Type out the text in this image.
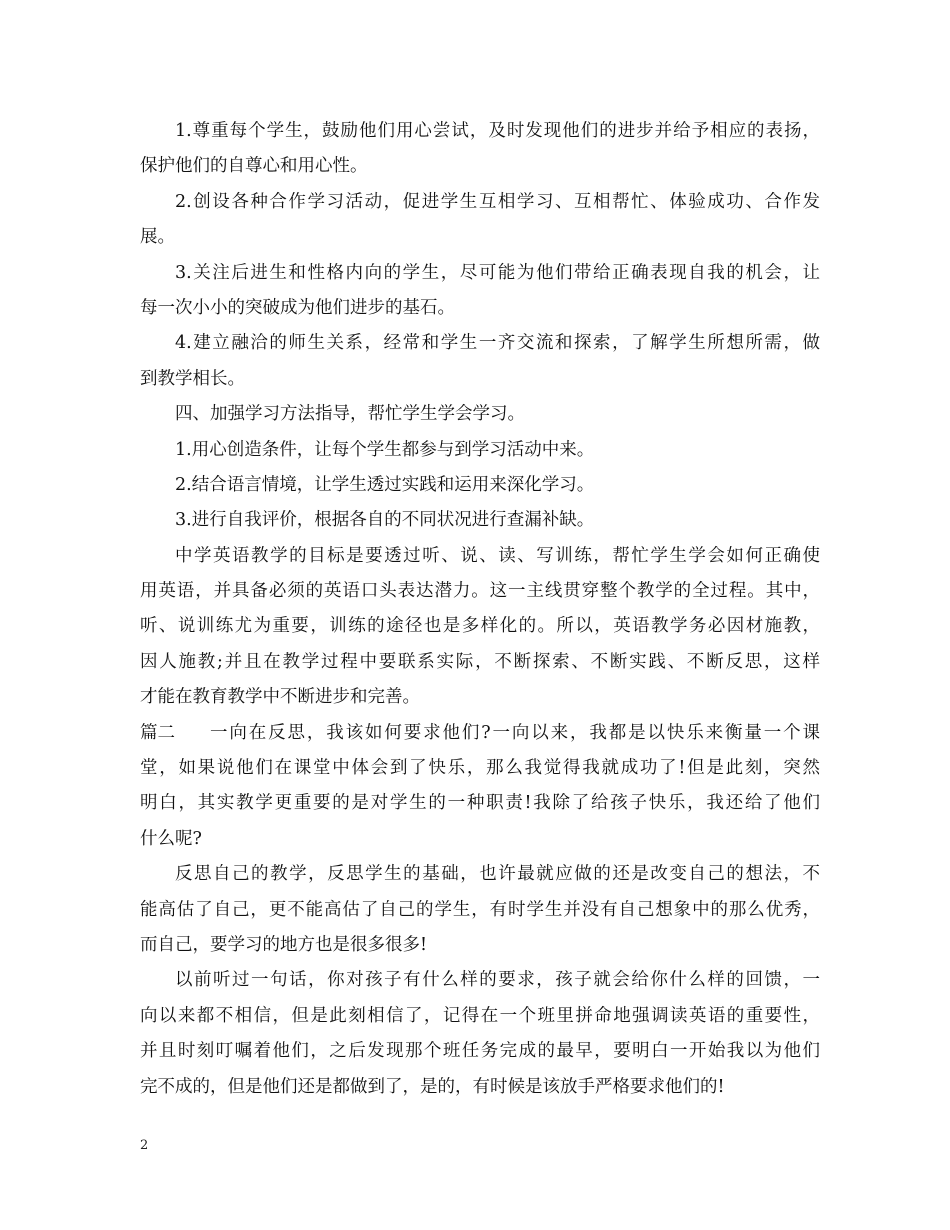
1.尊重每个学生，鼓励他们用心尝试，及时发现他们的进步并给予相应的表扬，
保护他们的自尊心和用心性。
2.创设各种合作学习活动，促进学生互相学习、互相帮忙、体验成功、合作发
展。
3.关注后进生和性格内向的学生，尽可能为他们带给正确表现自我的机会，让
每一次小小的突破成为他们进步的基石。
4.建立融洽的师生关系，经常和学生一齐交流和探索，了解学生所想所需，做
到教学相长。
四、加强学习方法指导，帮忙学生学会学习。
1.用心创造条件，让每个学生都参与到学习活动中来。
2.结合语言情境，让学生透过实践和运用来深化学习。
3.进行自我评价，根据各自的不同状况进行查漏补缺。
中学英语教学的目标是要透过听、说、读、写训练，帮忙学生学会如何正确使
用英语，并具备必须的英语口头表达潜力。这一主线贯穿整个教学的全过程。其中，
听、说训练尤为重要，训练的途径也是多样化的。所以，英语教学务必因材施教，
因人施教;并且在教学过程中要联系实际，不断探索、不断实践、不断反思，这样
才能在教育教学中不断进步和完善。
篇二	一向在反思，我该如何要求他们?一向以来，我都是以快乐来衡量一个课
堂，如果说他们在课堂中体会到了快乐，那么我觉得我就成功了!但是此刻，突然
明白，其实教学更重要的是对学生的一种职责!我除了给孩子快乐，我还给了他们
什么呢?
反思自己的教学，反思学生的基础，也许最就应做的还是改变自己的想法，不
能高估了自己，更不能高估了自己的学生，有时学生并没有自己想象中的那么优秀，
而自己，要学习的地方也是很多很多!
以前听过一句话，你对孩子有什么样的要求，孩子就会给你什么样的回馈，一
向以来都不相信，但是此刻相信了，记得在一个班里拼命地强调读英语的重要性，
并且时刻叮嘱着他们，之后发现那个班任务完成的最早，要明白一开始我以为他们
完不成的，但是他们还是都做到了，是的，有时候是该放手严格要求他们的!
2
